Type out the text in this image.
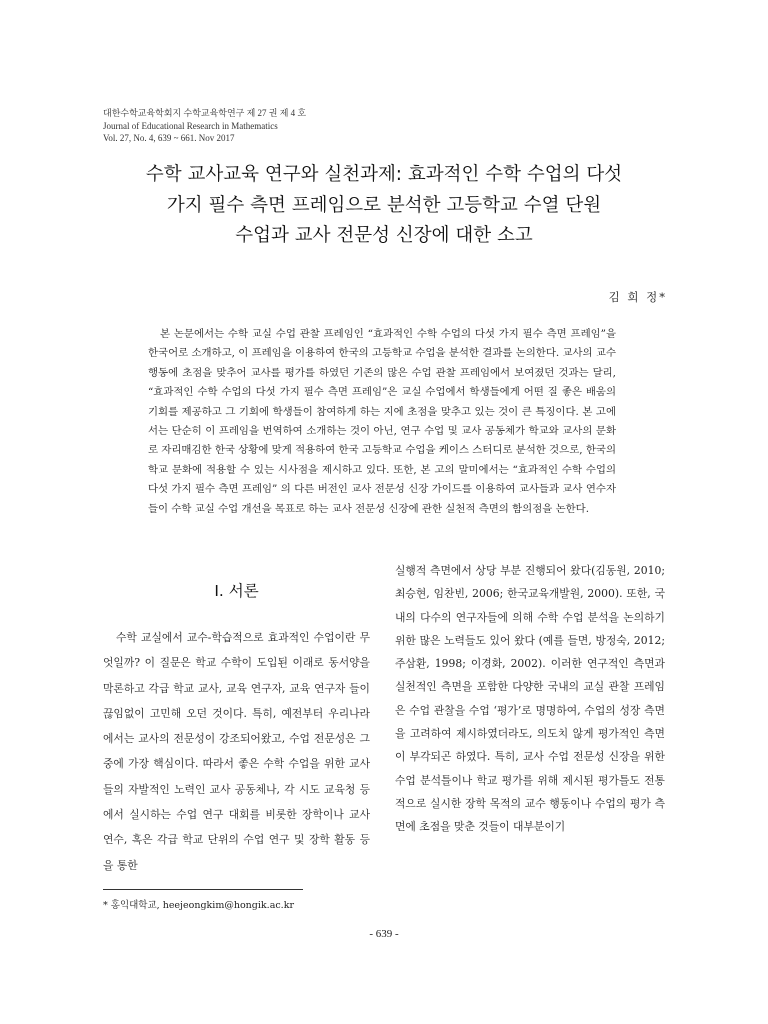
대한수학교육학회지 수학교육학연구 제 27 권 제 4 호
Journal of Educational Research in Mathematics
Vol. 27, No. 4, 639 ~ 661. Nov 2017
수학 교사교육 연구와 실천과제: 효과적인 수학 수업의 다섯
가지 필수 측면 프레임으로 분석한 고등학교 수열 단원
수업과 교사 전문성 신장에 대한 소고
김 희 정*
본 논문에서는 수학 교실 수업 관찰 프레임인 “효과적인 수학 수업의 다섯 가지 필수 측면 프레임”을 한국어로 소개하고, 이 프레임을 이용하여 한국의 고등학교 수업을 분석한 결과를 논의한다. 교사의 교수 행동에 초점을 맞추어 교사를 평가를 하였던 기존의 많은 수업 관찰 프레임에서 보여졌던 것과는 달리, “효과적인 수학 수업의 다섯 가지 필수 측면 프레임”은 교실 수업에서 학생들에게 어떤 질 좋은 배움의 기회를 제공하고 그 기회에 학생들이 참여하게 하는 지에 초점을 맞추고 있는 것이 큰 특징이다. 본 고에서는 단순히 이 프레임을 번역하여 소개하는 것이 아닌, 연구 수업 및 교사 공동체가 학교와 교사의 문화로 자리매김한 한국 상황에 맞게 적용하여 한국 고등학교 수업을 케이스 스터디로 분석한 것으로, 한국의 학교 문화에 적용할 수 있는 시사점을 제시하고 있다. 또한, 본 고의 말미에서는 “효과적인 수학 수업의 다섯 가지 필수 측면 프레임” 의 다른 버전인 교사 전문성 신장 가이드를 이용하여 교사들과 교사 연수자들이 수학 교실 수업 개선을 목표로 하는 교사 전문성 신장에 관한 실천적 측면의 함의점을 논한다.
I. 서론
수학 교실에서 교수-학습적으로 효과적인 수업이란 무엇일까? 이 질문은 학교 수학이 도입된 이래로 동서양을 막론하고 각급 학교 교사, 교육 연구자, 교육 연구자 들이 끊임없이 고민해 오던 것이다. 특히, 예전부터 우리나라에서는 교사의 전문성이 강조되어왔고, 수업 전문성은 그 중에 가장 핵심이다. 따라서 좋은 수학 수업을 위한 교사들의 자발적인 노력인 교사 공동체나, 각 시도 교육청 등에서 실시하는 수업 연구 대회를 비롯한 장학이나 교사 연수, 혹은 각급 학교 단위의 수업 연구 및 장학 활동 등을 통한
실행적 측면에서 상당 부분 진행되어 왔다(김동원, 2010; 최승현, 임찬빈, 2006; 한국교육개발원, 2000). 또한, 국내의 다수의 연구자들에 의해 수학 수업 분석을 논의하기 위한 많은 노력들도 있어 왔다 (예를 들면, 방정숙, 2012; 주삼환, 1998; 이경화, 2002). 이러한 연구적인 측면과 실천적인 측면을 포함한 다양한 국내의 교실 관찰 프레임은 수업 관찰을 수업 ‘평가’로 명명하여, 수업의 성장 측면을 고려하여 제시하였더라도, 의도치 않게 평가적인 측면이 부각되곤 하였다. 특히, 교사 수업 전문성 신장을 위한 수업 분석틀이나 학교 평가를 위해 제시된 평가틀도 전통적으로 실시한 장학 목적의 교수 행동이나 수업의 평가 측면에 초점을 맞춘 것들이 대부분이기
* 홍익대학교, heejeongkim@hongik.ac.kr
- 639 -
